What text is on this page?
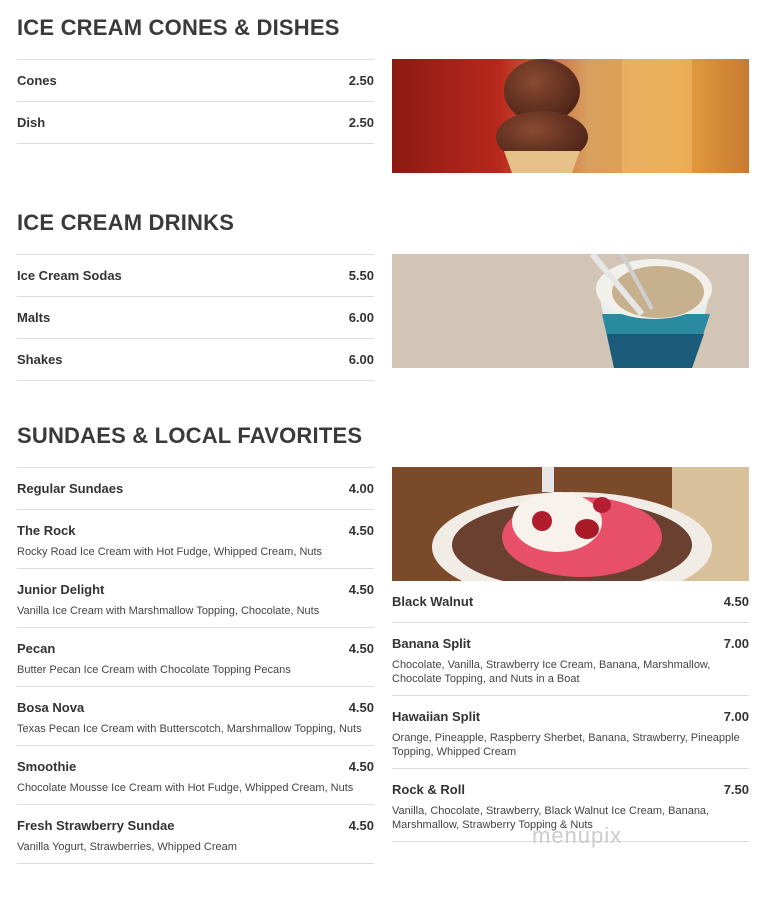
ICE CREAM CONES & DISHES
Cones	2.50
Dish	2.50
ICE CREAM DRINKS
Ice Cream Sodas	5.50
Malts	6.00
Shakes	6.00
SUNDAES & LOCAL FAVORITES
Regular Sundaes	4.00
The Rock	4.50
Rocky Road Ice Cream with Hot Fudge, Whipped Cream, Nuts
Junior Delight	4.50
Vanilla Ice Cream with Marshmallow Topping, Chocolate, Nuts
Pecan	4.50
Butter Pecan Ice Cream with Chocolate Topping Pecans
Bosa Nova	4.50
Texas Pecan Ice Cream with Butterscotch, Marshmallow Topping, Nuts
Smoothie	4.50
Chocolate Mousse Ice Cream with Hot Fudge, Whipped Cream, Nuts
Fresh Strawberry Sundae	4.50
Vanilla Yogurt, Strawberries, Whipped Cream
Black Walnut	4.50
Banana Split	7.00
Chocolate, Vanilla, Strawberry Ice Cream, Banana, Marshmallow, Chocolate Topping, and Nuts in a Boat
Hawaiian Split	7.00
Orange, Pineapple, Raspberry Sherbet, Banana, Strawberry, Pineapple Topping, Whipped Cream
Rock & Roll	7.50
Vanilla, Chocolate, Strawberry, Black Walnut Ice Cream, Banana, Marshmallow, Strawberry Topping & Nuts
menupix
